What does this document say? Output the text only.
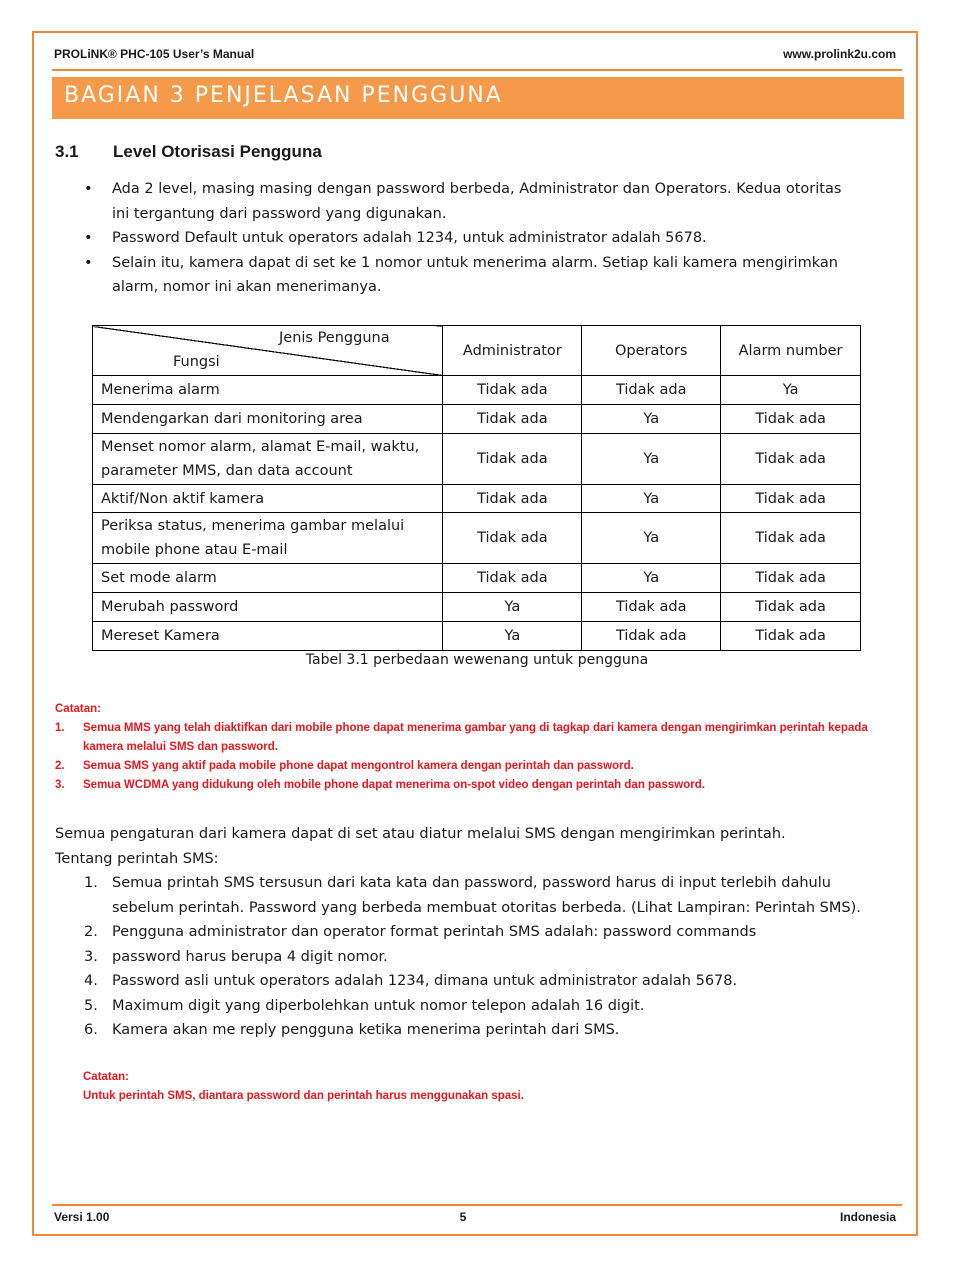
PROLiNK® PHC-105 User’s Manual	www.prolink2u.com
BAGIAN 3 PENJELASAN PENGGUNA
3.1 Level Otorisasi Pengguna
• Ada 2 level, masing masing dengan password berbeda, Administrator dan Operators. Kedua otoritas ini tergantung dari password yang digunakan.
• Password Default untuk operators adalah 1234, untuk administrator adalah 5678.
• Selain itu, kamera dapat di set ke 1 nomor untuk menerima alarm. Setiap kali kamera mengirimkan alarm, nomor ini akan menerimanya.
Jenis Pengguna
Fungsi	Administrator	Operators	Alarm number
Menerima alarm	Tidak ada	Tidak ada	Ya
Mendengarkan dari monitoring area	Tidak ada	Ya	Tidak ada
Menset nomor alarm, alamat E-mail, waktu, parameter MMS, dan data account	Tidak ada	Ya	Tidak ada
Aktif/Non aktif kamera	Tidak ada	Ya	Tidak ada
Periksa status, menerima gambar melalui mobile phone atau E-mail	Tidak ada	Ya	Tidak ada
Set mode alarm	Tidak ada	Ya	Tidak ada
Merubah password	Ya	Tidak ada	Tidak ada
Mereset Kamera	Ya	Tidak ada	Tidak ada
Tabel 3.1 perbedaan wewenang untuk pengguna
Catatan:
1. Semua MMS yang telah diaktifkan dari mobile phone dapat menerima gambar yang di tagkap dari kamera dengan mengirimkan perintah kepada kamera melalui SMS dan password.
2. Semua SMS yang aktif pada mobile phone dapat mengontrol kamera dengan perintah dan password.
3. Semua WCDMA yang didukung oleh mobile phone dapat menerima on-spot video dengan perintah dan password.
Semua pengaturan dari kamera dapat di set atau diatur melalui SMS dengan mengirimkan perintah.
Tentang perintah SMS:
1. Semua printah SMS tersusun dari kata kata dan password, password harus di input terlebih dahulu sebelum perintah. Password yang berbeda membuat otoritas berbeda. (Lihat Lampiran: Perintah SMS).
2. Pengguna administrator dan operator format perintah SMS adalah: password commands
3. password harus berupa 4 digit nomor.
4. Password asli untuk operators adalah 1234, dimana untuk administrator adalah 5678.
5. Maximum digit yang diperbolehkan untuk nomor telepon adalah 16 digit.
6. Kamera akan me reply pengguna ketika menerima perintah dari SMS.
Catatan:
Untuk perintah SMS, diantara password dan perintah harus menggunakan spasi.
Versi 1.00	5	Indonesia
